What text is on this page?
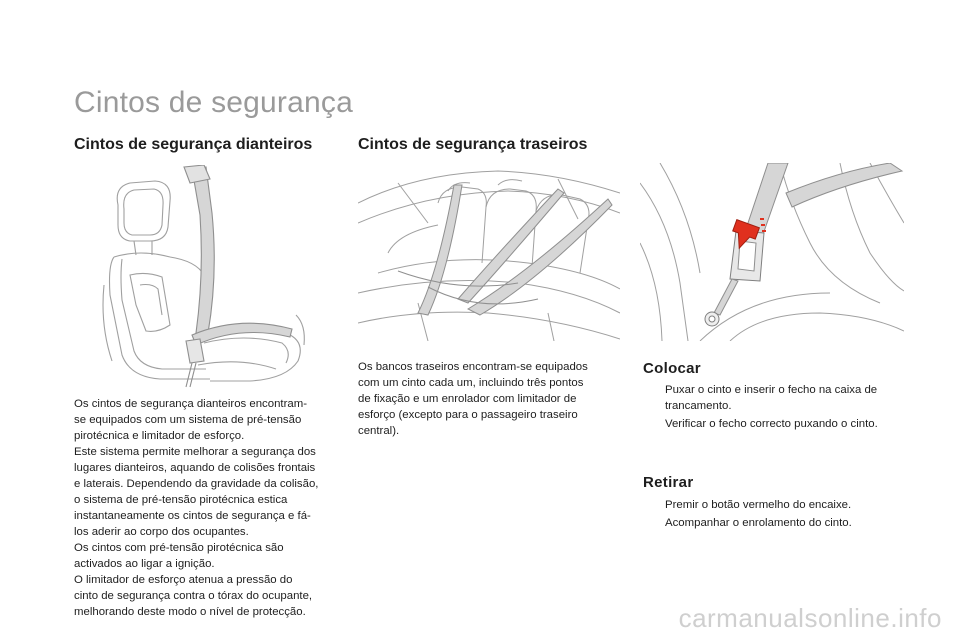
Cintos de segurança
Cintos de segurança dianteiros	Cintos de segurança traseiros
Os cintos de segurança dianteiros encontram-
se equipados com um sistema de pré-tensão
pirotécnica e limitador de esforço.
Este sistema permite melhorar a segurança dos
lugares dianteiros, aquando de colisões frontais
e laterais. Dependendo da gravidade da colisão,
o sistema de pré-tensão pirotécnica estica
instantaneamente os cintos de segurança e fá-
los aderir ao corpo dos ocupantes.
Os cintos com pré-tensão pirotécnica são
activados ao ligar a ignição.
O limitador de esforço atenua a pressão do
cinto de segurança contra o tórax do ocupante,
melhorando deste modo o nível de protecção.
Os bancos traseiros encontram-se equipados
com um cinto cada um, incluindo três pontos
de fixação e um enrolador com limitador de
esforço (excepto para o passageiro traseiro
central).
Colocar
Puxar o cinto e inserir o fecho na caixa de
trancamento.
Verificar o fecho correcto puxando o cinto.
Retirar
Premir o botão vermelho do encaixe.
Acompanhar o enrolamento do cinto.
carmanualsonline.info
